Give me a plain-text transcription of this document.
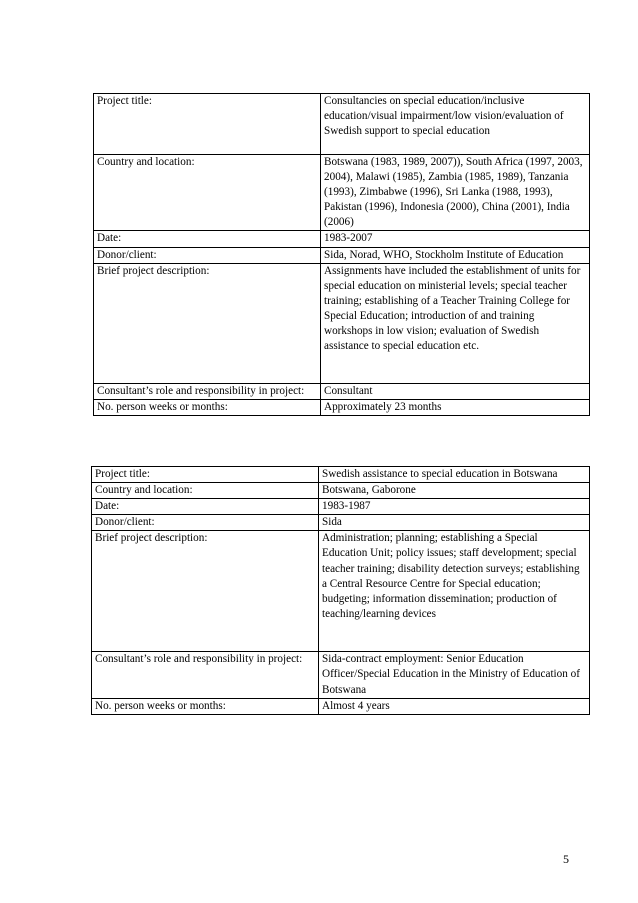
Project title:	Consultancies on special education/inclusive education/visual impairment/low vision/evaluation of Swedish support to special education
Country and location:	Botswana (1983, 1989, 2007)), South Africa (1997, 2003, 2004), Malawi (1985), Zambia (1985, 1989), Tanzania (1993), Zimbabwe (1996), Sri Lanka (1988, 1993), Pakistan (1996), Indonesia (2000), China (2001), India (2006)
Date:	1983-2007
Donor/client:	Sida, Norad, WHO, Stockholm Institute of Education
Brief project description:	Assignments have included the establishment of units for special education on ministerial levels; special teacher training; establishing of a Teacher Training College for Special Education; introduction of and training workshops in low vision; evaluation of Swedish assistance to special education etc.
Consultant’s role and responsibility in project:	Consultant
No. person weeks or months:	Approximately 23 months
Project title:	Swedish assistance to special education in Botswana
Country and location:	Botswana, Gaborone
Date:	1983-1987
Donor/client:	Sida
Brief project description:	Administration; planning; establishing a Special Education Unit; policy issues; staff development; special teacher training; disability detection surveys; establishing a Central Resource Centre for Special education; budgeting; information dissemination; production of teaching/learning devices
Consultant’s role and responsibility in project:	Sida-contract employment: Senior Education Officer/Special Education in the Ministry of Education of Botswana
No. person weeks or months:	Almost 4 years
5
